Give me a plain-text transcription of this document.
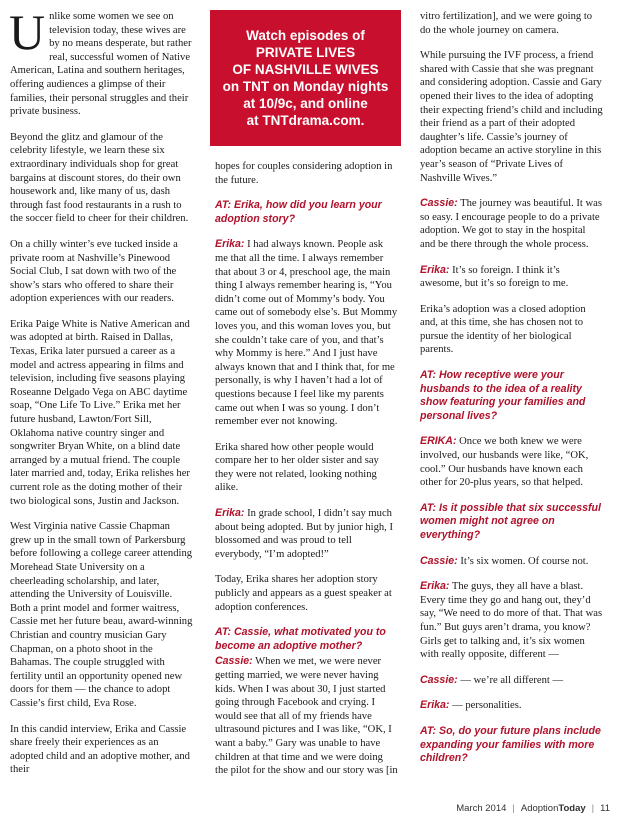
Unlike some women we see on television today, these wives are by no means desperate, but rather real, successful women of Native American, Latina and southern heritages, offering audiences a glimpse of their families, their personal struggles and their private business.

Beyond the glitz and glamour of the celebrity lifestyle, we learn these six extraordinary individuals shop for great bargains at discount stores, do their own housework and, like many of us, dash through fast food restaurants in a rush to the soccer field to cheer for their children.

On a chilly winter’s eve tucked inside a private room at Nashville’s Pinewood Social Club, I sat down with two of the show’s stars who offered to share their adoption experiences with our readers.

Erika Paige White is Native American and was adopted at birth. Raised in Dallas, Texas, Erika later pursued a career as a model and actress appearing in films and television, including five seasons playing Roseanne Delgado Vega on ABC daytime soap, “One Life To Live.” Erika met her future husband, Lawton/Fort Sill, Oklahoma native country singer and songwriter Bryan White, on a blind date arranged by a mutual friend. The couple later married and, today, Erika relishes her current role as the doting mother of their two biological sons, Justin and Jackson.

West Virginia native Cassie Chapman grew up in the small town of Parkersburg before following a college career attending Morehead State University on a cheerleading scholarship, and later, attending the University of Louisville. Both a print model and former waitress, Cassie met her future beau, award-winning Christian and country musician Gary Chapman, on a photo shoot in the Bahamas. The couple struggled with fertility until an opportunity opened new doors for them — the chance to adopt Cassie’s first child, Eva Rose.

In this candid interview, Erika and Cassie share freely their experiences as an adopted child and an adoptive mother, and their

Watch episodes of
PRIVATE LIVES
OF NASHVILLE WIVES
on TNT on Monday nights
at 10/9c, and online
at TNTdrama.com.

hopes for couples considering adoption in the future.

AT: Erika, how did you learn your adoption story?

Erika: I had always known. People ask me that all the time. I always remember that about 3 or 4, preschool age, the main thing I always remember hearing is, “You didn’t come out of Mommy’s body. You came out of somebody else’s. But Mommy loves you, and this woman loves you, but she couldn’t take care of you, and that’s why Mommy is here.” And I just have always known that and I think that, for me personally, is why I haven’t had a lot of questions because I feel like my parents came out when I was so young. I don’t remember ever not knowing.

Erika shared how other people would compare her to her older sister and say they were not related, looking nothing alike.

Erika: In grade school, I didn’t say much about being adopted. But by junior high, I blossomed and was proud to tell everybody, “I’m adopted!”

Today, Erika shares her adoption story publicly and appears as a guest speaker at adoption conferences.

AT: Cassie, what motivated you to become an adoptive mother?

Cassie: When we met, we were never getting married, we were never having kids. When I was about 30, I just started going through Facebook and crying. I would see that all of my friends have ultrasound pictures and I was like, “OK, I want a baby.” Gary was unable to have children at that time and we were doing the pilot for the show and our story was [in

vitro fertilization], and we were going to do the whole journey on camera.

While pursuing the IVF process, a friend shared with Cassie that she was pregnant and considering adoption. Cassie and Gary opened their lives to the idea of adopting their expecting friend’s child and including their friend as a part of their adopted daughter’s life. Cassie’s journey of adoption became an active storyline in this year’s season of “Private Lives of Nashville Wives.”

Cassie: The journey was beautiful. It was so easy. I encourage people to do a private adoption. We got to stay in the hospital and be there through the whole process.

Erika: It’s so foreign. I think it’s awesome, but it’s so foreign to me.

Erika’s adoption was a closed adoption and, at this time, she has chosen not to pursue the identity of her biological parents.

AT: How receptive were your husbands to the idea of a reality show featuring your families and personal lives?

ERIKA: Once we both knew we were involved, our husbands were like, “OK, cool.” Our husbands have known each other for 20-plus years, so that helped.

AT: Is it possible that six successful women might not agree on everything?

Cassie: It’s six women. Of course not.

Erika: The guys, they all have a blast. Every time they go and hang out, they’d say, “We need to do more of that. That was fun.” But guys aren’t drama, you know? Girls get to talking and, it’s six women with really opposite, different —

Cassie: — we’re all different —

Erika: — personalities.

AT: So, do your future plans include expanding your families with more children?

March 2014 | AdoptionToday | 11
